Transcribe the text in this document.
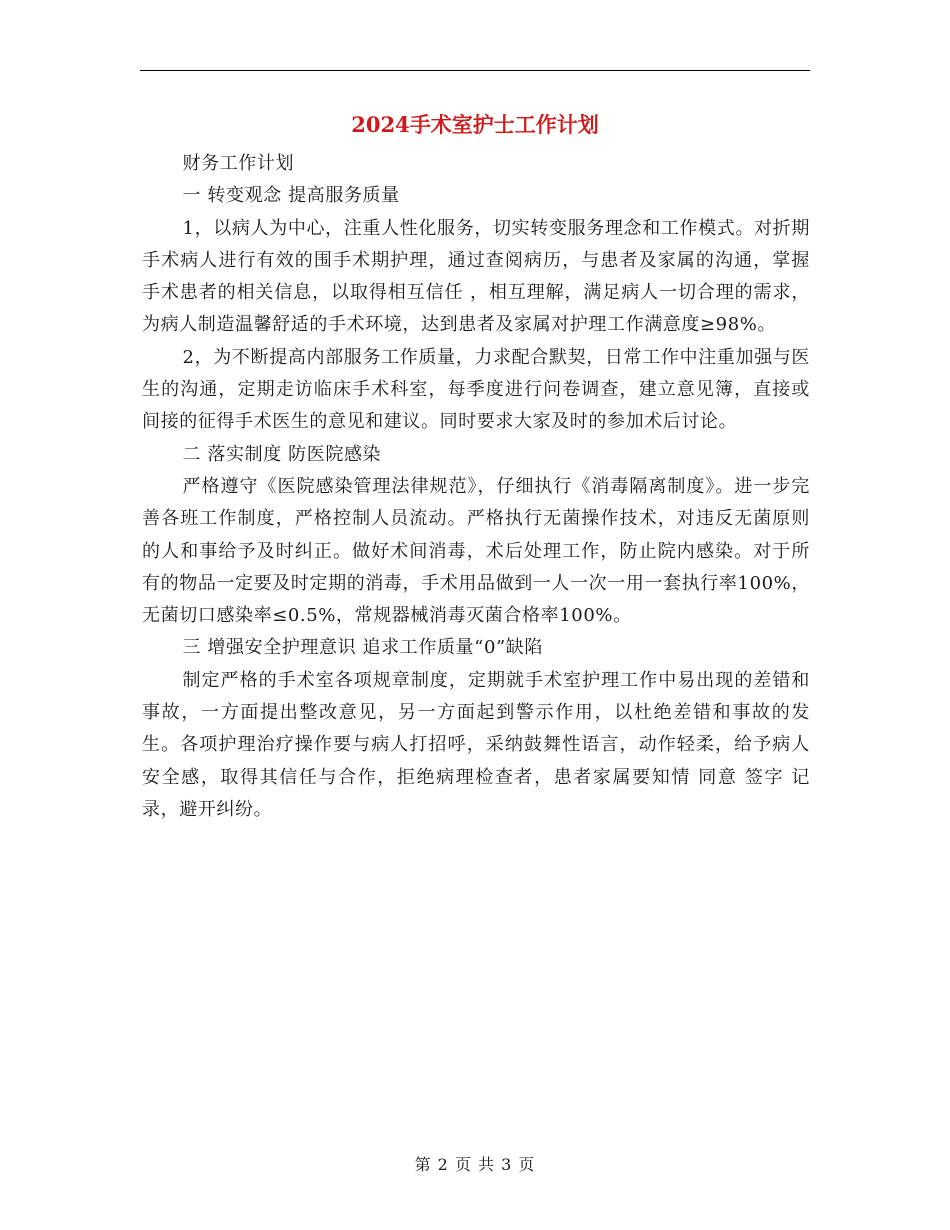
2024手术室护士工作计划

财务工作计划

一 转变观念 提高服务质量

1，以病人为中心，注重人性化服务，切实转变服务理念和工作模式。对折期手术病人进行有效的围手术期护理，通过查阅病历，与患者及家属的沟通，掌握手术患者的相关信息，以取得相互信任 ，相互理解，满足病人一切合理的需求，为病人制造温馨舒适的手术环境，达到患者及家属对护理工作满意度≥98%。

2，为不断提高内部服务工作质量，力求配合默契，日常工作中注重加强与医生的沟通，定期走访临床手术科室，每季度进行问卷调查，建立意见簿，直接或间接的征得手术医生的意见和建议。同时要求大家及时的参加术后讨论。

二 落实制度 防医院感染

严格遵守《医院感染管理法律规范》，仔细执行《消毒隔离制度》。进一步完善各班工作制度，严格控制人员流动。严格执行无菌操作技术，对违反无菌原则的人和事给予及时纠正。做好术间消毒，术后处理工作，防止院内感染。对于所有的物品一定要及时定期的消毒，手术用品做到一人一次一用一套执行率100%，无菌切口感染率≤0.5%，常规器械消毒灭菌合格率100%。

三 增强安全护理意识 追求工作质量“0”缺陷

制定严格的手术室各项规章制度，定期就手术室护理工作中易出现的差错和事故，一方面提出整改意见，另一方面起到警示作用，以杜绝差错和事故的发生。各项护理治疗操作要与病人打招呼，采纳鼓舞性语言，动作轻柔，给予病人安全感，取得其信任与合作，拒绝病理检查者，患者家属要知情 同意 签字 记录，避开纠纷。

第 2 页 共 3 页
